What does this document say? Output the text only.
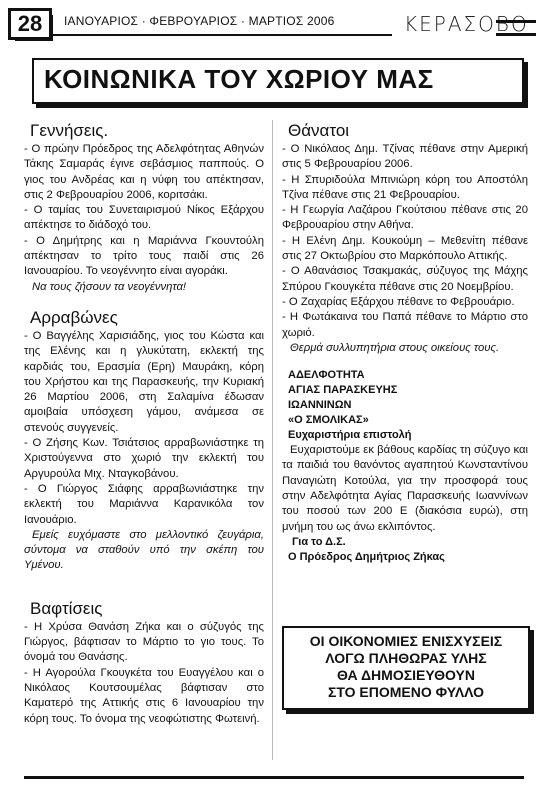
28	ΙΑΝΟΥΑΡΙΟΣ · ΦΕΒΡΟΥΑΡΙΟΣ · ΜΑΡΤΙΟΣ 2006	ΚΕΡΑΣΟΒΟ
ΚΟΙΝΩΝΙΚΑ ΤΟΥ ΧΩΡΙΟΥ ΜΑΣ
Γεννήσεις.

- Ο πρώην Πρόεδρος της Αδελφότητας Αθηνών Τάκης Σαμαράς έγινε σεβάσμιος παππούς. Ο γιος του Ανδρέας και η νύφη του απέκτησαν, στις 2 Φεβρουαρίου 2006, κοριτσάκι.

- Ο ταμίας του Συνεταιρισμού Νίκος Εξάρχου απέκτησε το διάδοχό του.

- Ο Δημήτρης και η Μαριάννα Γκουντούλη απέκτησαν το τρίτο τους παιδί στις 26 Ιανουαρίου. Το νεογέννητο είναι αγοράκι.

Να τους ζήσουν τα νεογέννητα!

Αρραβώνες

- Ο Βαγγέλης Χαρισιάδης, γιος του Κώστα και της Ελένης και η γλυκύτατη, εκλεκτή της καρδιάς του, Ερασμία (Ερη) Μαυράκη, κόρη του Χρήστου και της Παρασκευής, την Κυριακή 26 Μαρτίου 2006, στη Σαλαμίνα έδωσαν αμοιβαία υπόσχεση γάμου, ανάμεσα σε στενούς συγγενείς.

- Ο Ζήσης Κων. Τσιάτσιος αρραβωνιάστηκε τη Χριστούγεννα στο χωριό την εκλεκτή του Αργυρούλα Μιχ. Νταγκοβάνου.

- Ο Γιώργος Σιάφης αρραβωνιάστηκε την εκλεκτή του Μαριάννα Καρανικόλα τον Ιανουάριο.

Εμείς ευχόμαστε στο μελλοντικό ζευγάρια, σύντομα να σταθούν υπό την σκέπη του Υμένου.

Βαφτίσεις

- Η Χρύσα Θανάση Ζήκα και ο σύζυγός της Γιώργος, βάφτισαν το Μάρτιο το γιο τους. Το όνομά του Θανάσης.

- Η Αγορούλα Γκουγκέτα του Ευαγγέλου και ο Νικόλαος Κουτσουμέλας βάφτισαν στο Καματερό της Αττικής στις 6 Ιανουαρίου την κόρη τους. Το όνομα της νεοφώτιστης Φωτεινή.

Θάνατοι

- Ο Νικόλαος Δημ. Τζίνας πέθανε στην Αμερική στις 5 Φεβρουαρίου 2006.

- Η Σπυριδούλα Μπινιώρη κόρη του Αποστόλη Τζίνα πέθανε στις 21 Φεβρουαρίου.

- Η Γεωργία Λαζάρου Γκούτσιου πέθανε στις 20 Φεβρουαρίου στην Αθήνα.

- Η Ελένη Δημ. Κουκούμη – Μεθενίτη πέθανε στις 27 Οκτωβρίου στο Μαρκόπουλο Αττικής.

- Ο Αθανάσιος Τσακμακάς, σύζυγος της Μάχης Σπύρου Γκουγκέτα πέθανε στις 20 Νοεμβρίου.

- Ο Ζαχαρίας Εξάρχου πέθανε το Φεβρουάριο.

- Η Φωτάκαινα του Παπά πέθανε το Μάρτιο στο χωριό.

Θερμά συλλυπητήρια στους οικείους τους.

ΑΔΕΛΦΟΤΗΤΑ
ΑΓΙΑΣ ΠΑΡΑΣΚΕΥΗΣ
ΙΩΑΝΝΙΝΩΝ
«Ο ΣΜΟΛΙΚΑΣ»
Ευχαριστήρια επιστολή

Ευχαριστούμε εκ βάθους καρδίας τη σύζυγο και τα παιδιά του θανόντος αγαπητού Κωνσταντίνου Παναγιώτη Κοτούλα, για την προσφορά τους στην Αδελφότητα Αγίας Παρασκευής Ιωαννίνων του ποσού των 200 Ε (διακόσια ευρώ), στη μνήμη του ως άνω εκλιπόντος.

Για το Δ.Σ.
Ο Πρόεδρος Δημήτριος Ζήκας
ΟΙ ΟΙΚΟΝΟΜΙΕΣ ΕΝΙΣΧΥΣΕΙΣ
ΛΟΓΩ ΠΛΗΘΩΡΑΣ ΥΛΗΣ
ΘΑ ΔΗΜΟΣΙΕΥΘΟΥΝ
ΣΤΟ ΕΠΟΜΕΝΟ ΦΥΛΛΟ
